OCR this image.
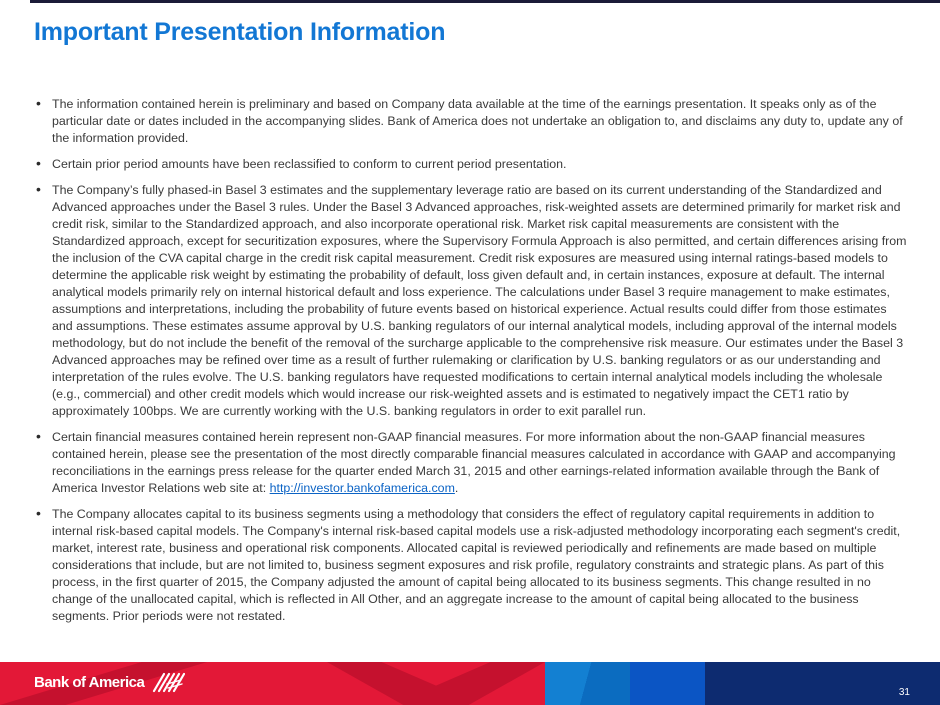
Important Presentation Information
• The information contained herein is preliminary and based on Company data available at the time of the earnings presentation. It speaks only as of the particular date or dates included in the accompanying slides. Bank of America does not undertake an obligation to, and disclaims any duty to, update any of the information provided.
• Certain prior period amounts have been reclassified to conform to current period presentation.
• The Company’s fully phased-in Basel 3 estimates and the supplementary leverage ratio are based on its current understanding of the Standardized and Advanced approaches under the Basel 3 rules. Under the Basel 3 Advanced approaches, risk-weighted assets are determined primarily for market risk and credit risk, similar to the Standardized approach, and also incorporate operational risk. Market risk capital measurements are consistent with the Standardized approach, except for securitization exposures, where the Supervisory Formula Approach is also permitted, and certain differences arising from the inclusion of the CVA capital charge in the credit risk capital measurement. Credit risk exposures are measured using internal ratings-based models to determine the applicable risk weight by estimating the probability of default, loss given default and, in certain instances, exposure at default. The internal analytical models primarily rely on internal historical default and loss experience. The calculations under Basel 3 require management to make estimates, assumptions and interpretations, including the probability of future events based on historical experience. Actual results could differ from those estimates and assumptions. These estimates assume approval by U.S. banking regulators of our internal analytical models, including approval of the internal models methodology, but do not include the benefit of the removal of the surcharge applicable to the comprehensive risk measure. Our estimates under the Basel 3 Advanced approaches may be refined over time as a result of further rulemaking or clarification by U.S. banking regulators or as our understanding and interpretation of the rules evolve. The U.S. banking regulators have requested modifications to certain internal analytical models including the wholesale (e.g., commercial) and other credit models which would increase our risk-weighted assets and is estimated to negatively impact the CET1 ratio by approximately 100bps. We are currently working with the U.S. banking regulators in order to exit parallel run.
• Certain financial measures contained herein represent non-GAAP financial measures. For more information about the non-GAAP financial measures contained herein, please see the presentation of the most directly comparable financial measures calculated in accordance with GAAP and accompanying reconciliations in the earnings press release for the quarter ended March 31, 2015 and other earnings-related information available through the Bank of America Investor Relations web site at: http://investor.bankofamerica.com.
• The Company allocates capital to its business segments using a methodology that considers the effect of regulatory capital requirements in addition to internal risk-based capital models. The Company's internal risk-based capital models use a risk-adjusted methodology incorporating each segment's credit, market, interest rate, business and operational risk components. Allocated capital is reviewed periodically and refinements are made based on multiple considerations that include, but are not limited to, business segment exposures and risk profile, regulatory constraints and strategic plans. As part of this process, in the first quarter of 2015, the Company adjusted the amount of capital being allocated to its business segments. This change resulted in no change of the unallocated capital, which is reflected in All Other, and an aggregate increase to the amount of capital being allocated to the business segments. Prior periods were not restated.
Bank of America
31
